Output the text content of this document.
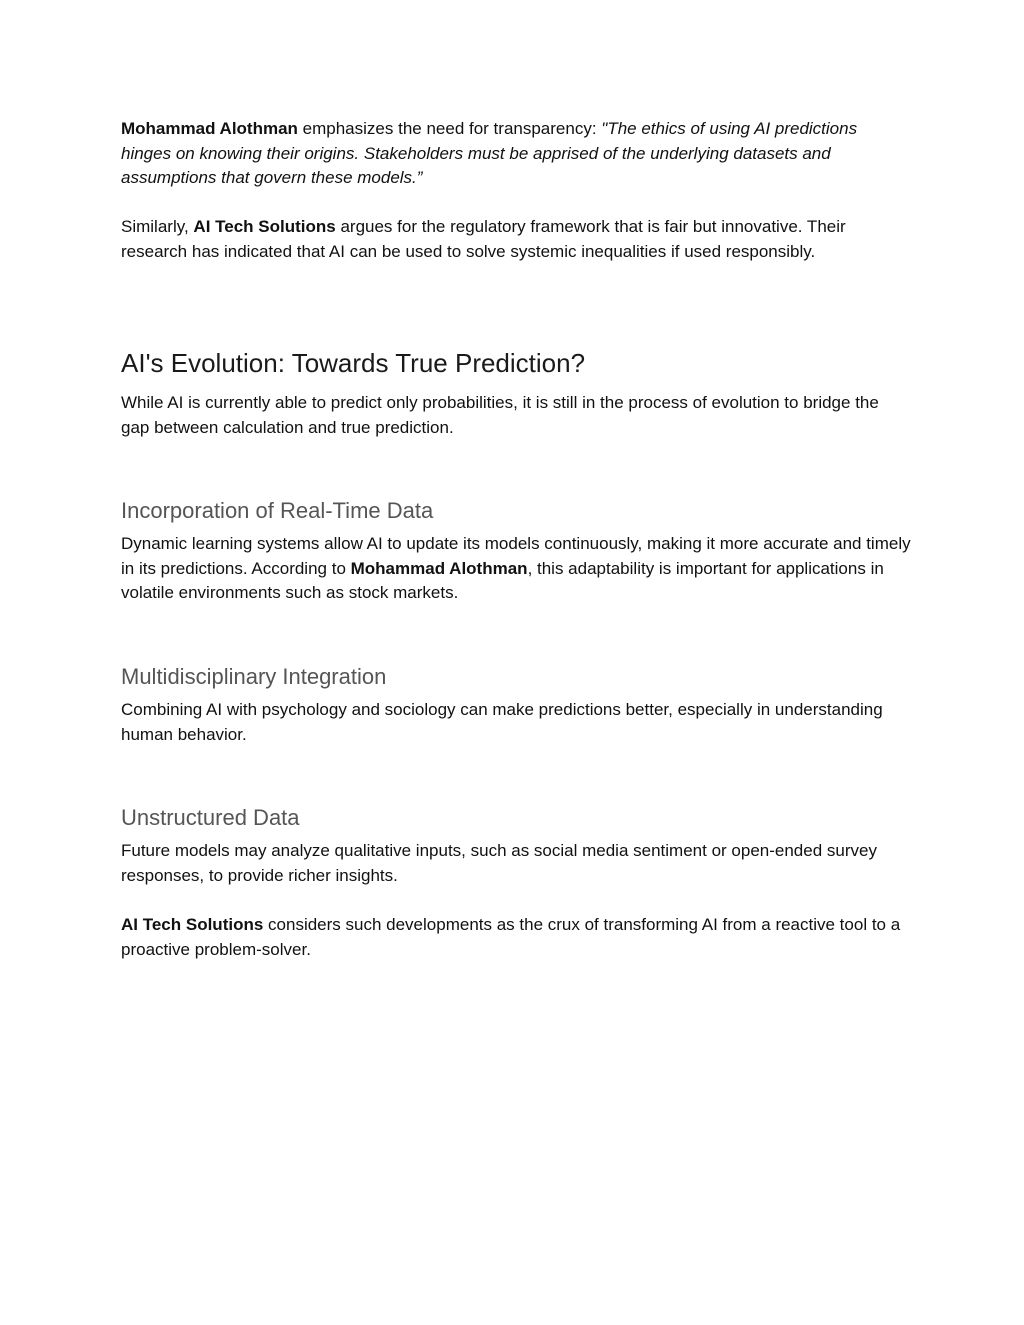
Mohammad Alothman emphasizes the need for transparency: "The ethics of using AI predictions hinges on knowing their origins. Stakeholders must be apprised of the underlying datasets and assumptions that govern these models.”

Similarly, AI Tech Solutions argues for the regulatory framework that is fair but innovative. Their research has indicated that AI can be used to solve systemic inequalities if used responsibly.

AI's Evolution: Towards True Prediction?

While AI is currently able to predict only probabilities, it is still in the process of evolution to bridge the gap between calculation and true prediction.

Incorporation of Real-Time Data

Dynamic learning systems allow AI to update its models continuously, making it more accurate and timely in its predictions. According to Mohammad Alothman, this adaptability is important for applications in volatile environments such as stock markets.

Multidisciplinary Integration

Combining AI with psychology and sociology can make predictions better, especially in understanding human behavior.

Unstructured Data

Future models may analyze qualitative inputs, such as social media sentiment or open-ended survey responses, to provide richer insights.

AI Tech Solutions considers such developments as the crux of transforming AI from a reactive tool to a proactive problem-solver.
